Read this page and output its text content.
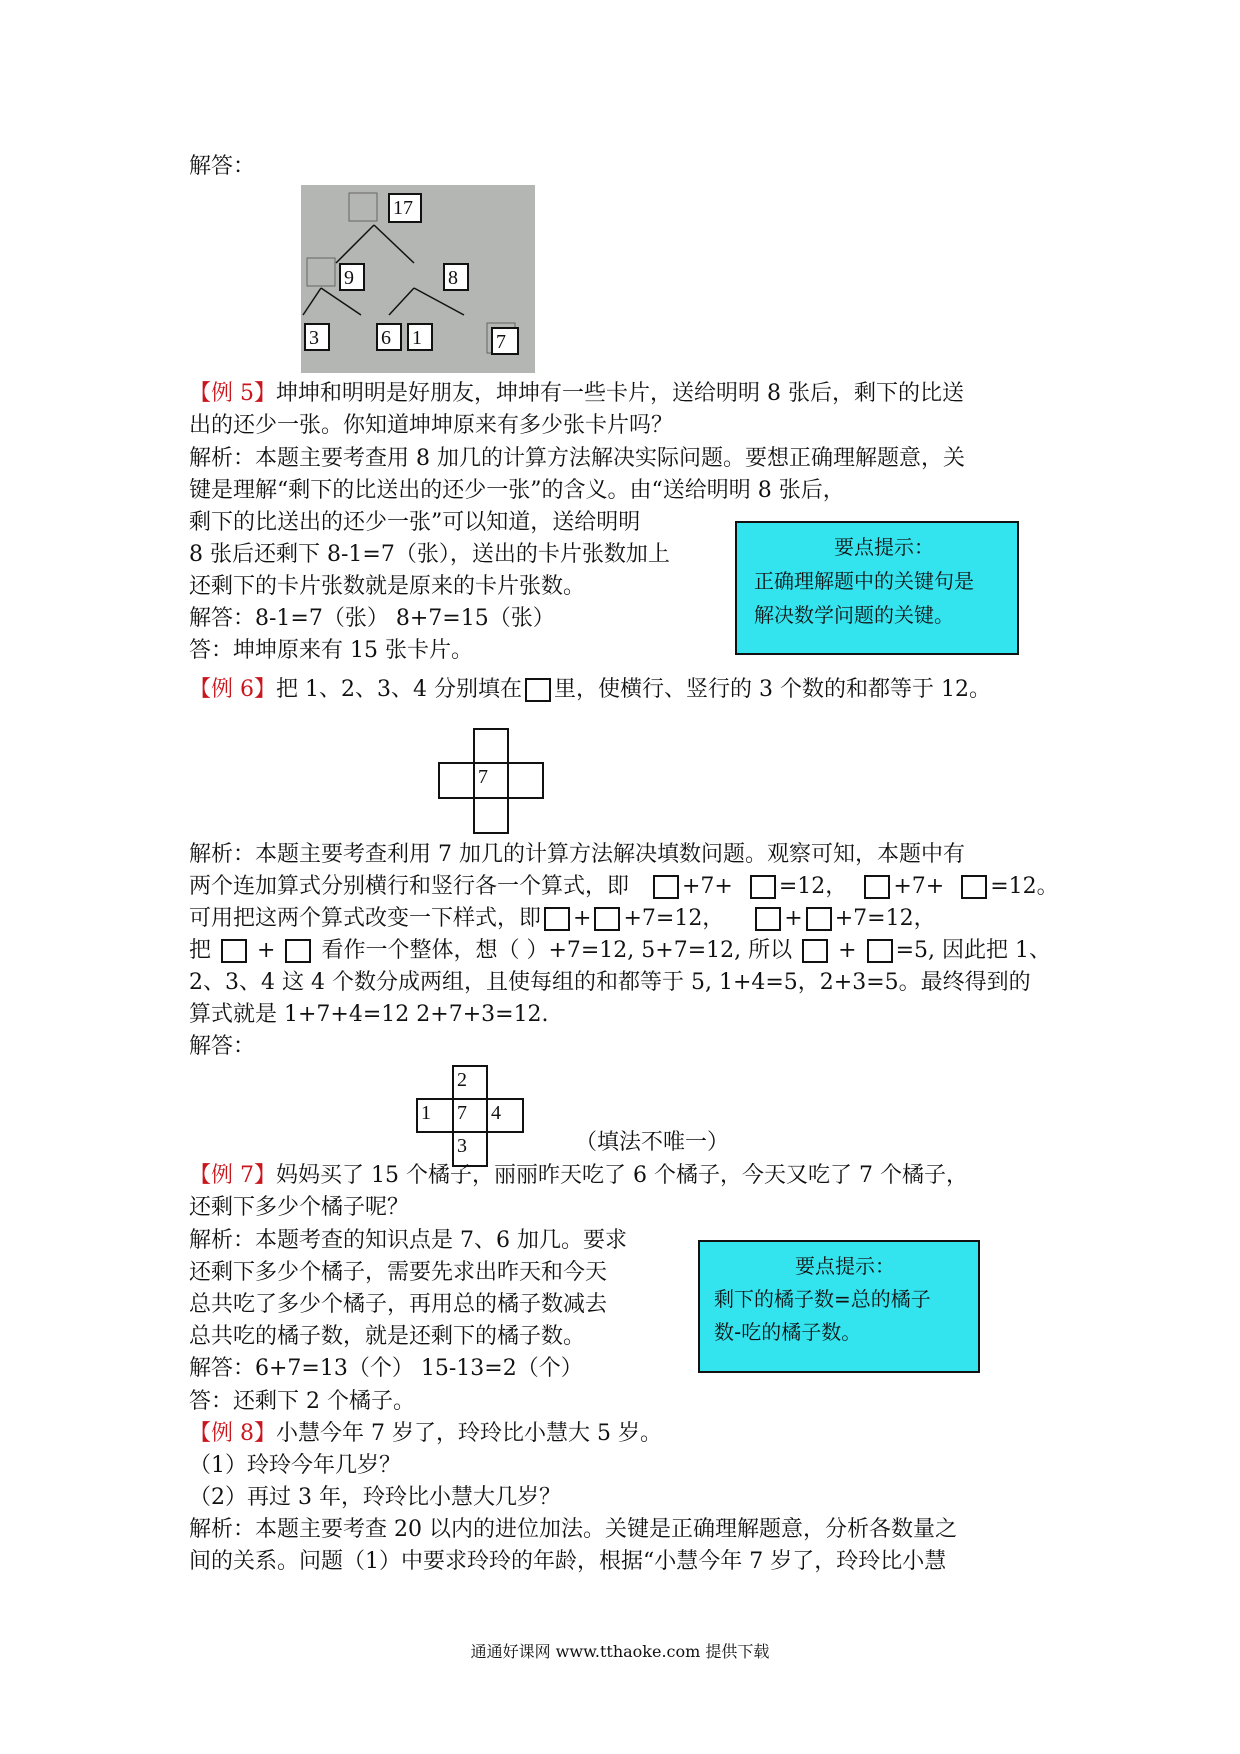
解答：
17
9	8
3	6	1	7
【例 5】坤坤和明明是好朋友，坤坤有一些卡片，送给明明 8 张后，剩下的比送
出的还少一张。你知道坤坤原来有多少张卡片吗？
解析：本题主要考查用 8 加几的计算方法解决实际问题。要想正确理解题意，关
键是理解“剩下的比送出的还少一张”的含义。由“送给明明 8 张后，
剩下的比送出的还少一张”可以知道，送给明明
8 张后还剩下 8-1=7（张），送出的卡片张数加上
还剩下的卡片张数就是原来的卡片张数。
解答：8-1=7（张） 8+7=15（张）
答：坤坤原来有 15 张卡片。
要点提示：
正确理解题中的关键句是
解决数学问题的关键。
【例 6】把 1、2、3、4 分别填在 里，使横行、竖行的 3 个数的和都等于 12。
7
解析：本题主要考查利用 7 加几的计算方法解决填数问题。观察可知，本题中有
两个连加算式分别横行和竖行各一个算式，即 +7+ =12， +7+ =12。
可用把这两个算式改变一下样式，即 + +7=12，	+ +7=12，
把 + 看作一个整体，想（ ）+7=12, 5+7=12, 所以 + =5, 因此把 1、
2、3、4 这 4 个数分成两组，且使每组的和都等于 5, 1+4=5，2+3=5。最终得到的
算式就是 1+7+4=12 2+7+3=12.
解答：
2
1	7	4
3	（填法不唯一）
【例 7】妈妈买了 15 个橘子，丽丽昨天吃了 6 个橘子，今天又吃了 7 个橘子，
还剩下多少个橘子呢？
解析：本题考查的知识点是 7、6 加几。要求
还剩下多少个橘子，需要先求出昨天和今天
总共吃了多少个橘子，再用总的橘子数减去
总共吃的橘子数，就是还剩下的橘子数。
解答：6+7=13（个） 15-13=2（个）
答：还剩下 2 个橘子。
要点提示：
剩下的橘子数=总的橘子
数-吃的橘子数。
【例 8】小慧今年 7 岁了，玲玲比小慧大 5 岁。
（1）玲玲今年几岁？
（2）再过 3 年，玲玲比小慧大几岁？
解析：本题主要考查 20 以内的进位加法。关键是正确理解题意，分析各数量之
间的关系。问题（1）中要求玲玲的年龄，根据“小慧今年 7 岁了，玲玲比小慧
通通好课网 www.tthaoke.com 提供下载
